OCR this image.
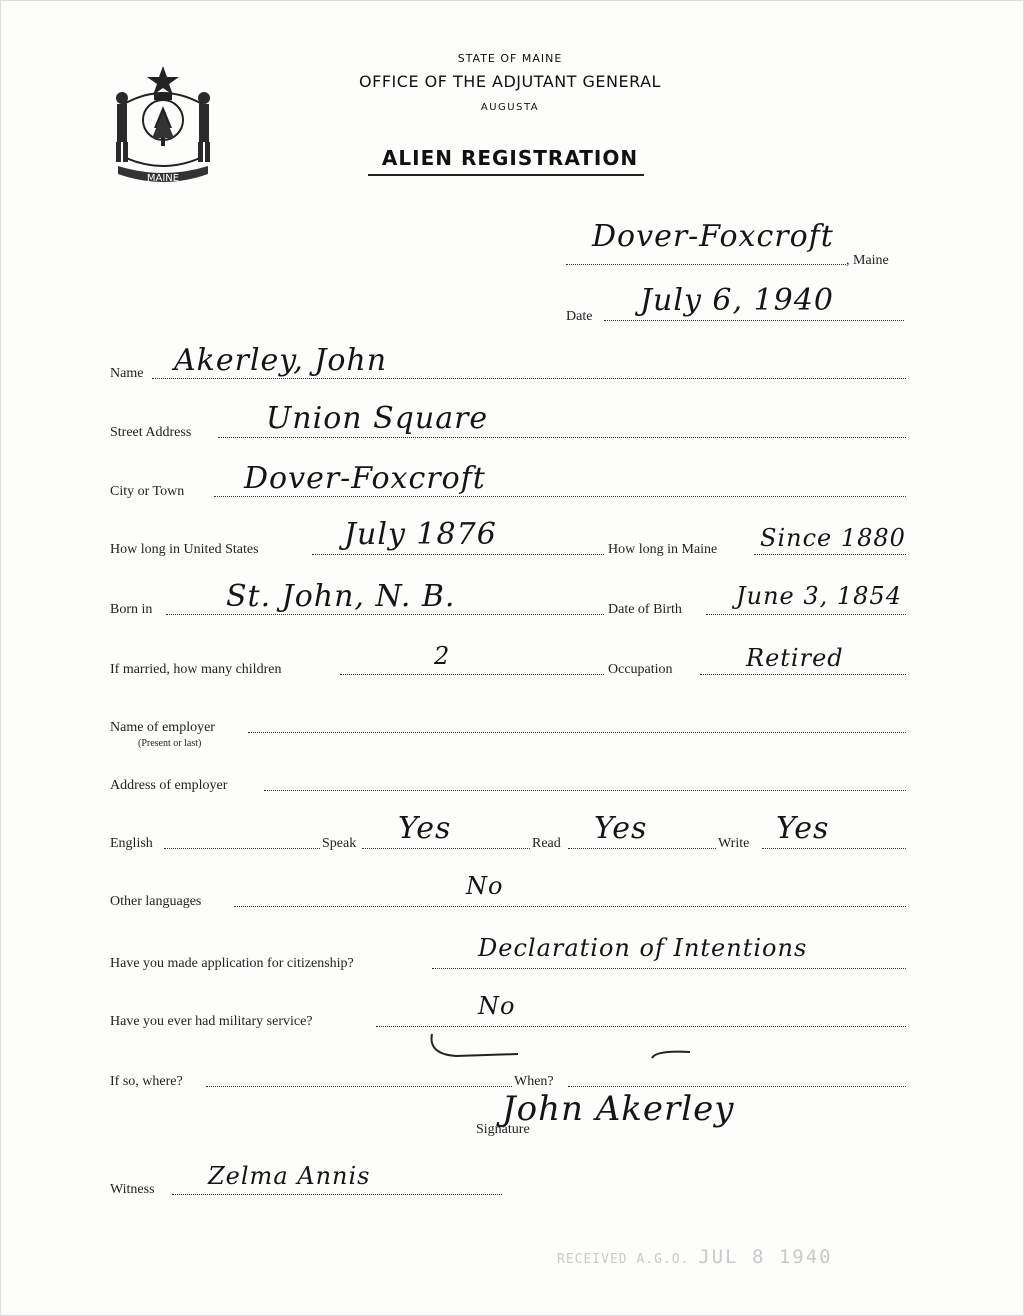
MAINE
STATE OF MAINE
OFFICE OF THE ADJUTANT GENERAL
AUGUSTA
ALIEN REGISTRATION
, Maine
Dover-Foxcroft
Date July 6, 1940
Name Akerley, John
Street Address Union Square
City or Town Dover-Foxcroft
How long in United States	July 1876	How long in Maine Since 1880
Born in St. John, N. B.	Date of Birth June 3, 1854
If married, how many children	2	Occupation	Retired
Name of employer
(Present or last)
Address of employer
English	Speak Yes	Read Yes	Write Yes
Other languages
No
Have you made application for citizenship?
Declaration of Intentions
Have you ever had military service?
No
If so, where?	When?
Signature
John Akerley
Witness Zelma Annis
RECEIVED A.G.O. JUL 8 1940
